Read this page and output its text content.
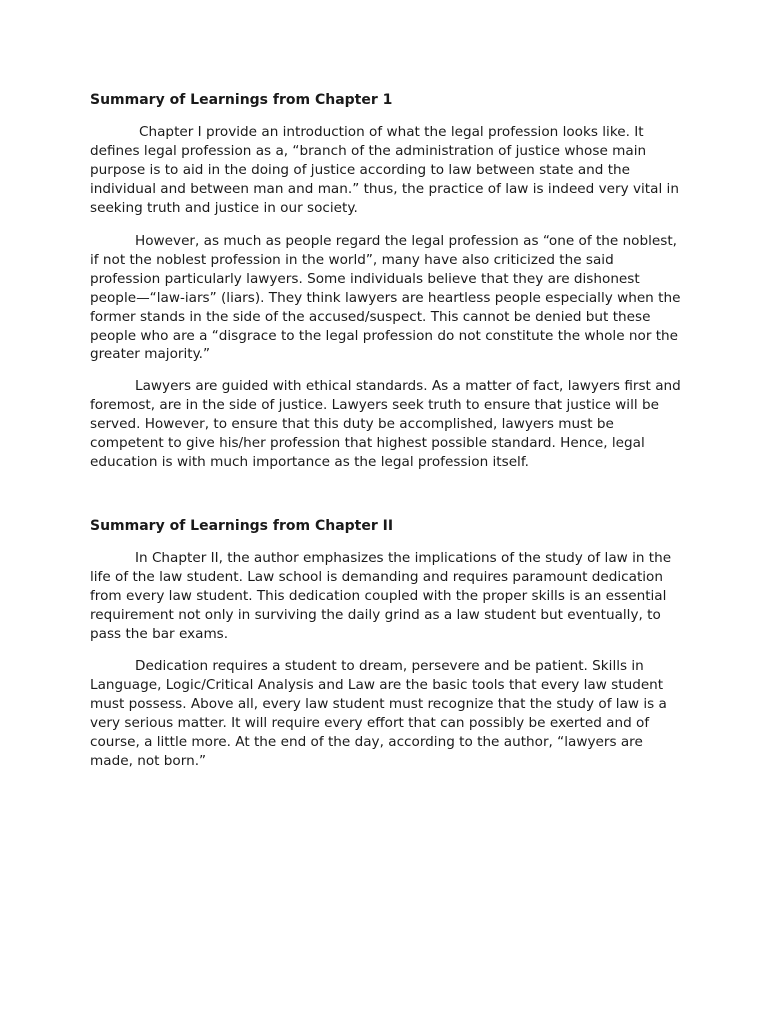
Summary of Learnings from Chapter 1

Chapter I provide an introduction of what the legal profession looks like. It defines legal profession as a, “branch of the administration of justice whose main purpose is to aid in the doing of justice according to law between state and the individual and between man and man.” thus, the practice of law is indeed very vital in seeking truth and justice in our society.

However, as much as people regard the legal profession as “one of the noblest, if not the noblest profession in the world”, many have also criticized the said profession particularly lawyers. Some individuals believe that they are dishonest people—“law-iars” (liars). They think lawyers are heartless people especially when the former stands in the side of the accused/suspect. This cannot be denied but these people who are a “disgrace to the legal profession do not constitute the whole nor the greater majority.”

Lawyers are guided with ethical standards. As a matter of fact, lawyers first and foremost, are in the side of justice. Lawyers seek truth to ensure that justice will be served. However, to ensure that this duty be accomplished, lawyers must be competent to give his/her profession that highest possible standard. Hence, legal education is with much importance as the legal profession itself.

Summary of Learnings from Chapter II

In Chapter II, the author emphasizes the implications of the study of law in the life of the law student. Law school is demanding and requires paramount dedication from every law student. This dedication coupled with the proper skills is an essential requirement not only in surviving the daily grind as a law student but eventually, to pass the bar exams.

Dedication requires a student to dream, persevere and be patient. Skills in Language, Logic/Critical Analysis and Law are the basic tools that every law student must possess. Above all, every law student must recognize that the study of law is a very serious matter. It will require every effort that can possibly be exerted and of course, a little more. At the end of the day, according to the author, “lawyers are made, not born.”
